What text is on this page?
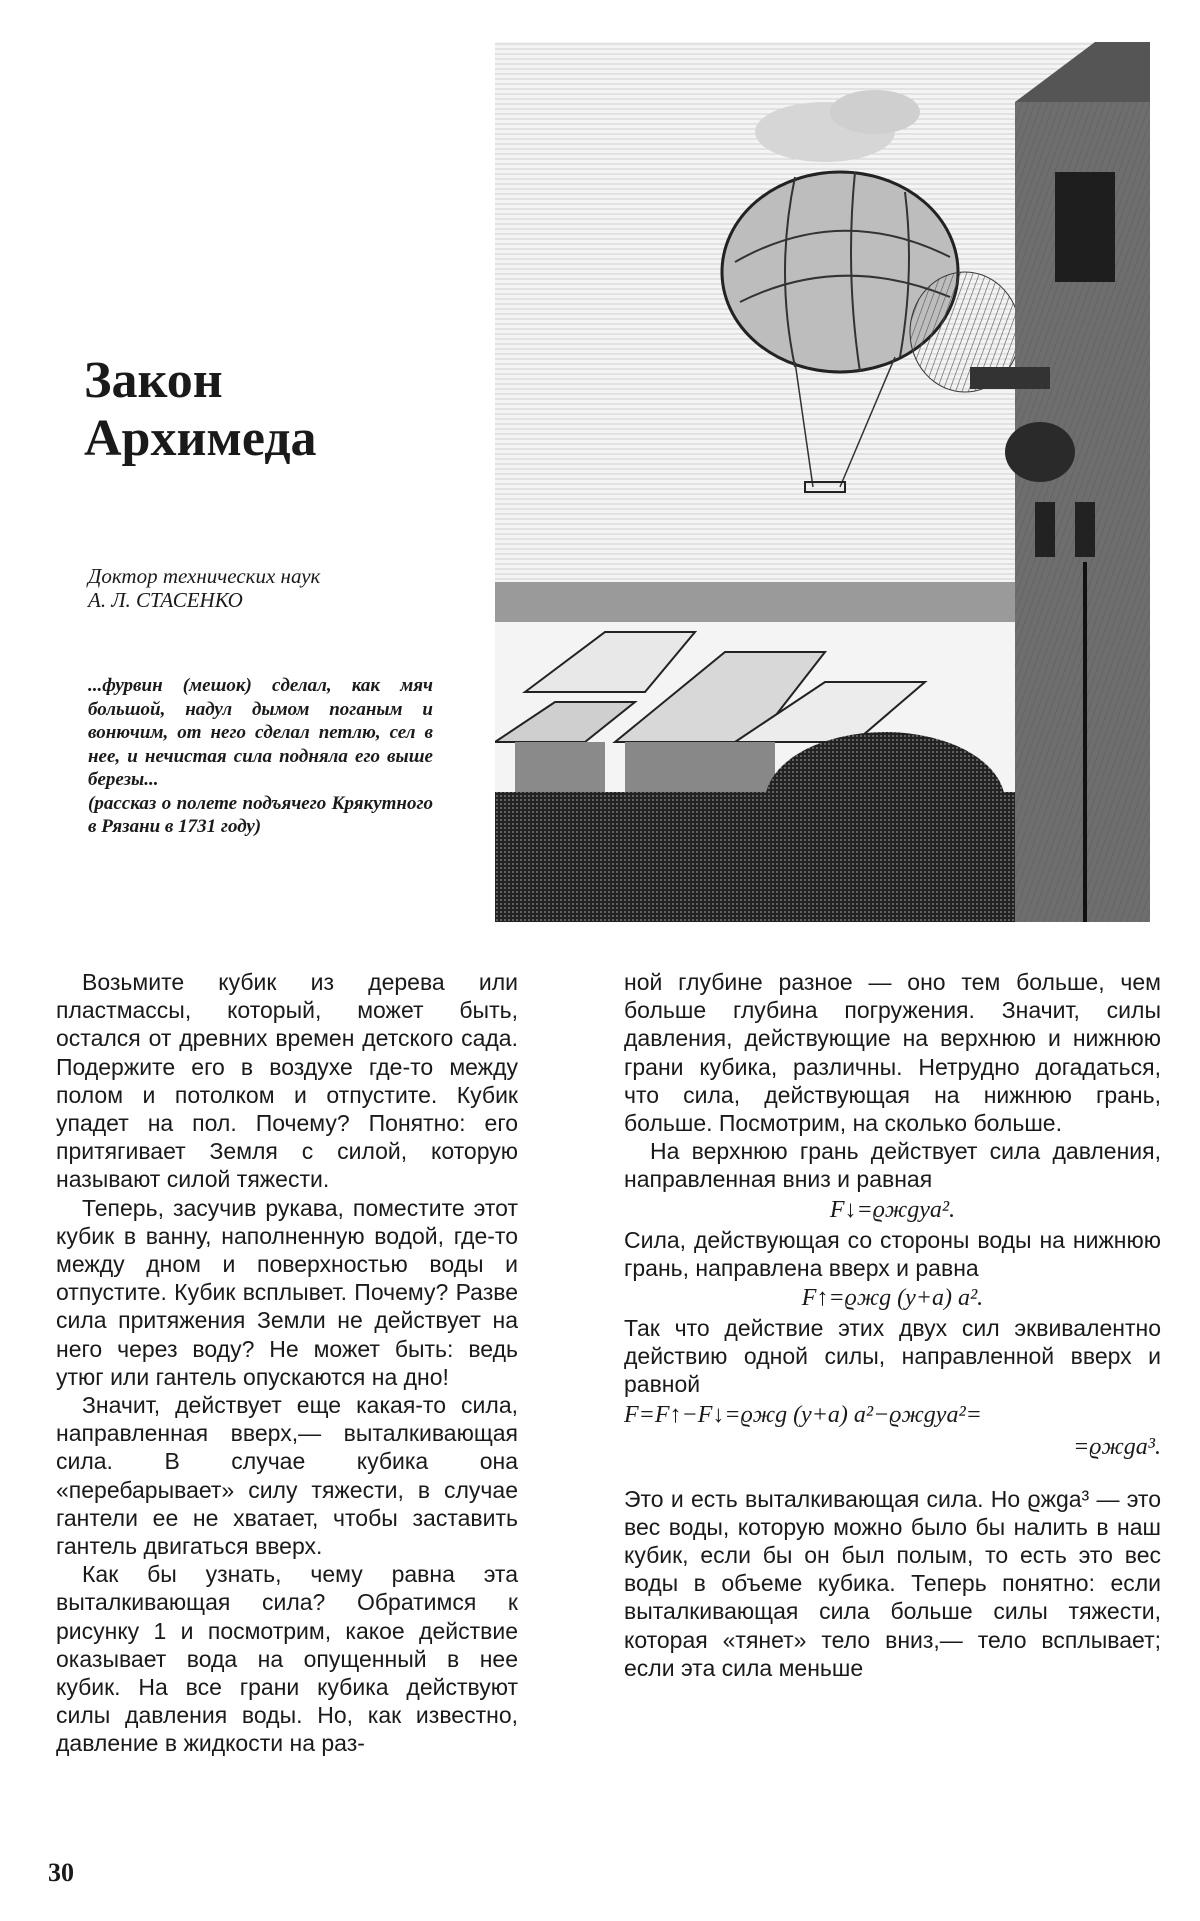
Закон
Архимеда
Доктор технических наук
А. Л. СТАСЕНКО

...фурвин (мешок) сделал, как мяч большой, надул дымом поганым и вонючим, от него сделал петлю, сел в нее, и нечистая сила подняла его выше березы...

(рассказ о полете подъячего Крякутного в Рязани в 1731 году)

Возьмите кубик из дерева или пластмассы, который, может быть, остался от древних времен детского сада. Подержите его в воздухе где-то между полом и потолком и отпустите. Кубик упадет на пол. Почему? Понятно: его притягивает Земля с силой, которую называют силой тяжести.

Теперь, засучив рукава, поместите этот кубик в ванну, наполненную водой, где-то между дном и поверхностью воды и отпустите. Кубик всплывет. Почему? Разве сила притяжения Земли не действует на него через воду? Не может быть: ведь утюг или гантель опускаются на дно!

Значит, действует еще какая-то сила, направленная вверх,— выталкивающая сила. В случае кубика она «перебарывает» силу тяжести, в случае гантели ее не хватает, чтобы заставить гантель двигаться вверх.

Как бы узнать, чему равна эта выталкивающая сила? Обратимся к рисунку 1 и посмотрим, какое действие оказывает вода на опущенный в нее кубик. На все грани кубика действуют силы давления воды. Но, как известно, давление в жидкости на раз-

ной глубине разное — оно тем больше, чем больше глубина погружения. Значит, силы давления, действующие на верхнюю и нижнюю грани кубика, различны. Нетрудно догадаться, что сила, действующая на нижнюю грань, больше. Посмотрим, на сколько больше.

На верхнюю грань действует сила давления, направленная вниз и равная

F↓=ϱжgya².

Сила, действующая со стороны воды на нижнюю грань, направлена вверх и равна

F↑=ϱжg (y+a) a².

Так что действие этих двух сил эквивалентно действию одной силы, направленной вверх и равной

F=F↑−F↓=ϱжg (y+a) a²−ϱжgya²=

=ϱжga³.

Это и есть выталкивающая сила. Но ϱжga³ — это вес воды, которую можно было бы налить в наш кубик, если бы он был полым, то есть это вес воды в объеме кубика. Теперь понятно: если выталкивающая сила больше силы тяжести, которая «тянет» тело вниз,— тело всплывает; если эта сила меньше

30
